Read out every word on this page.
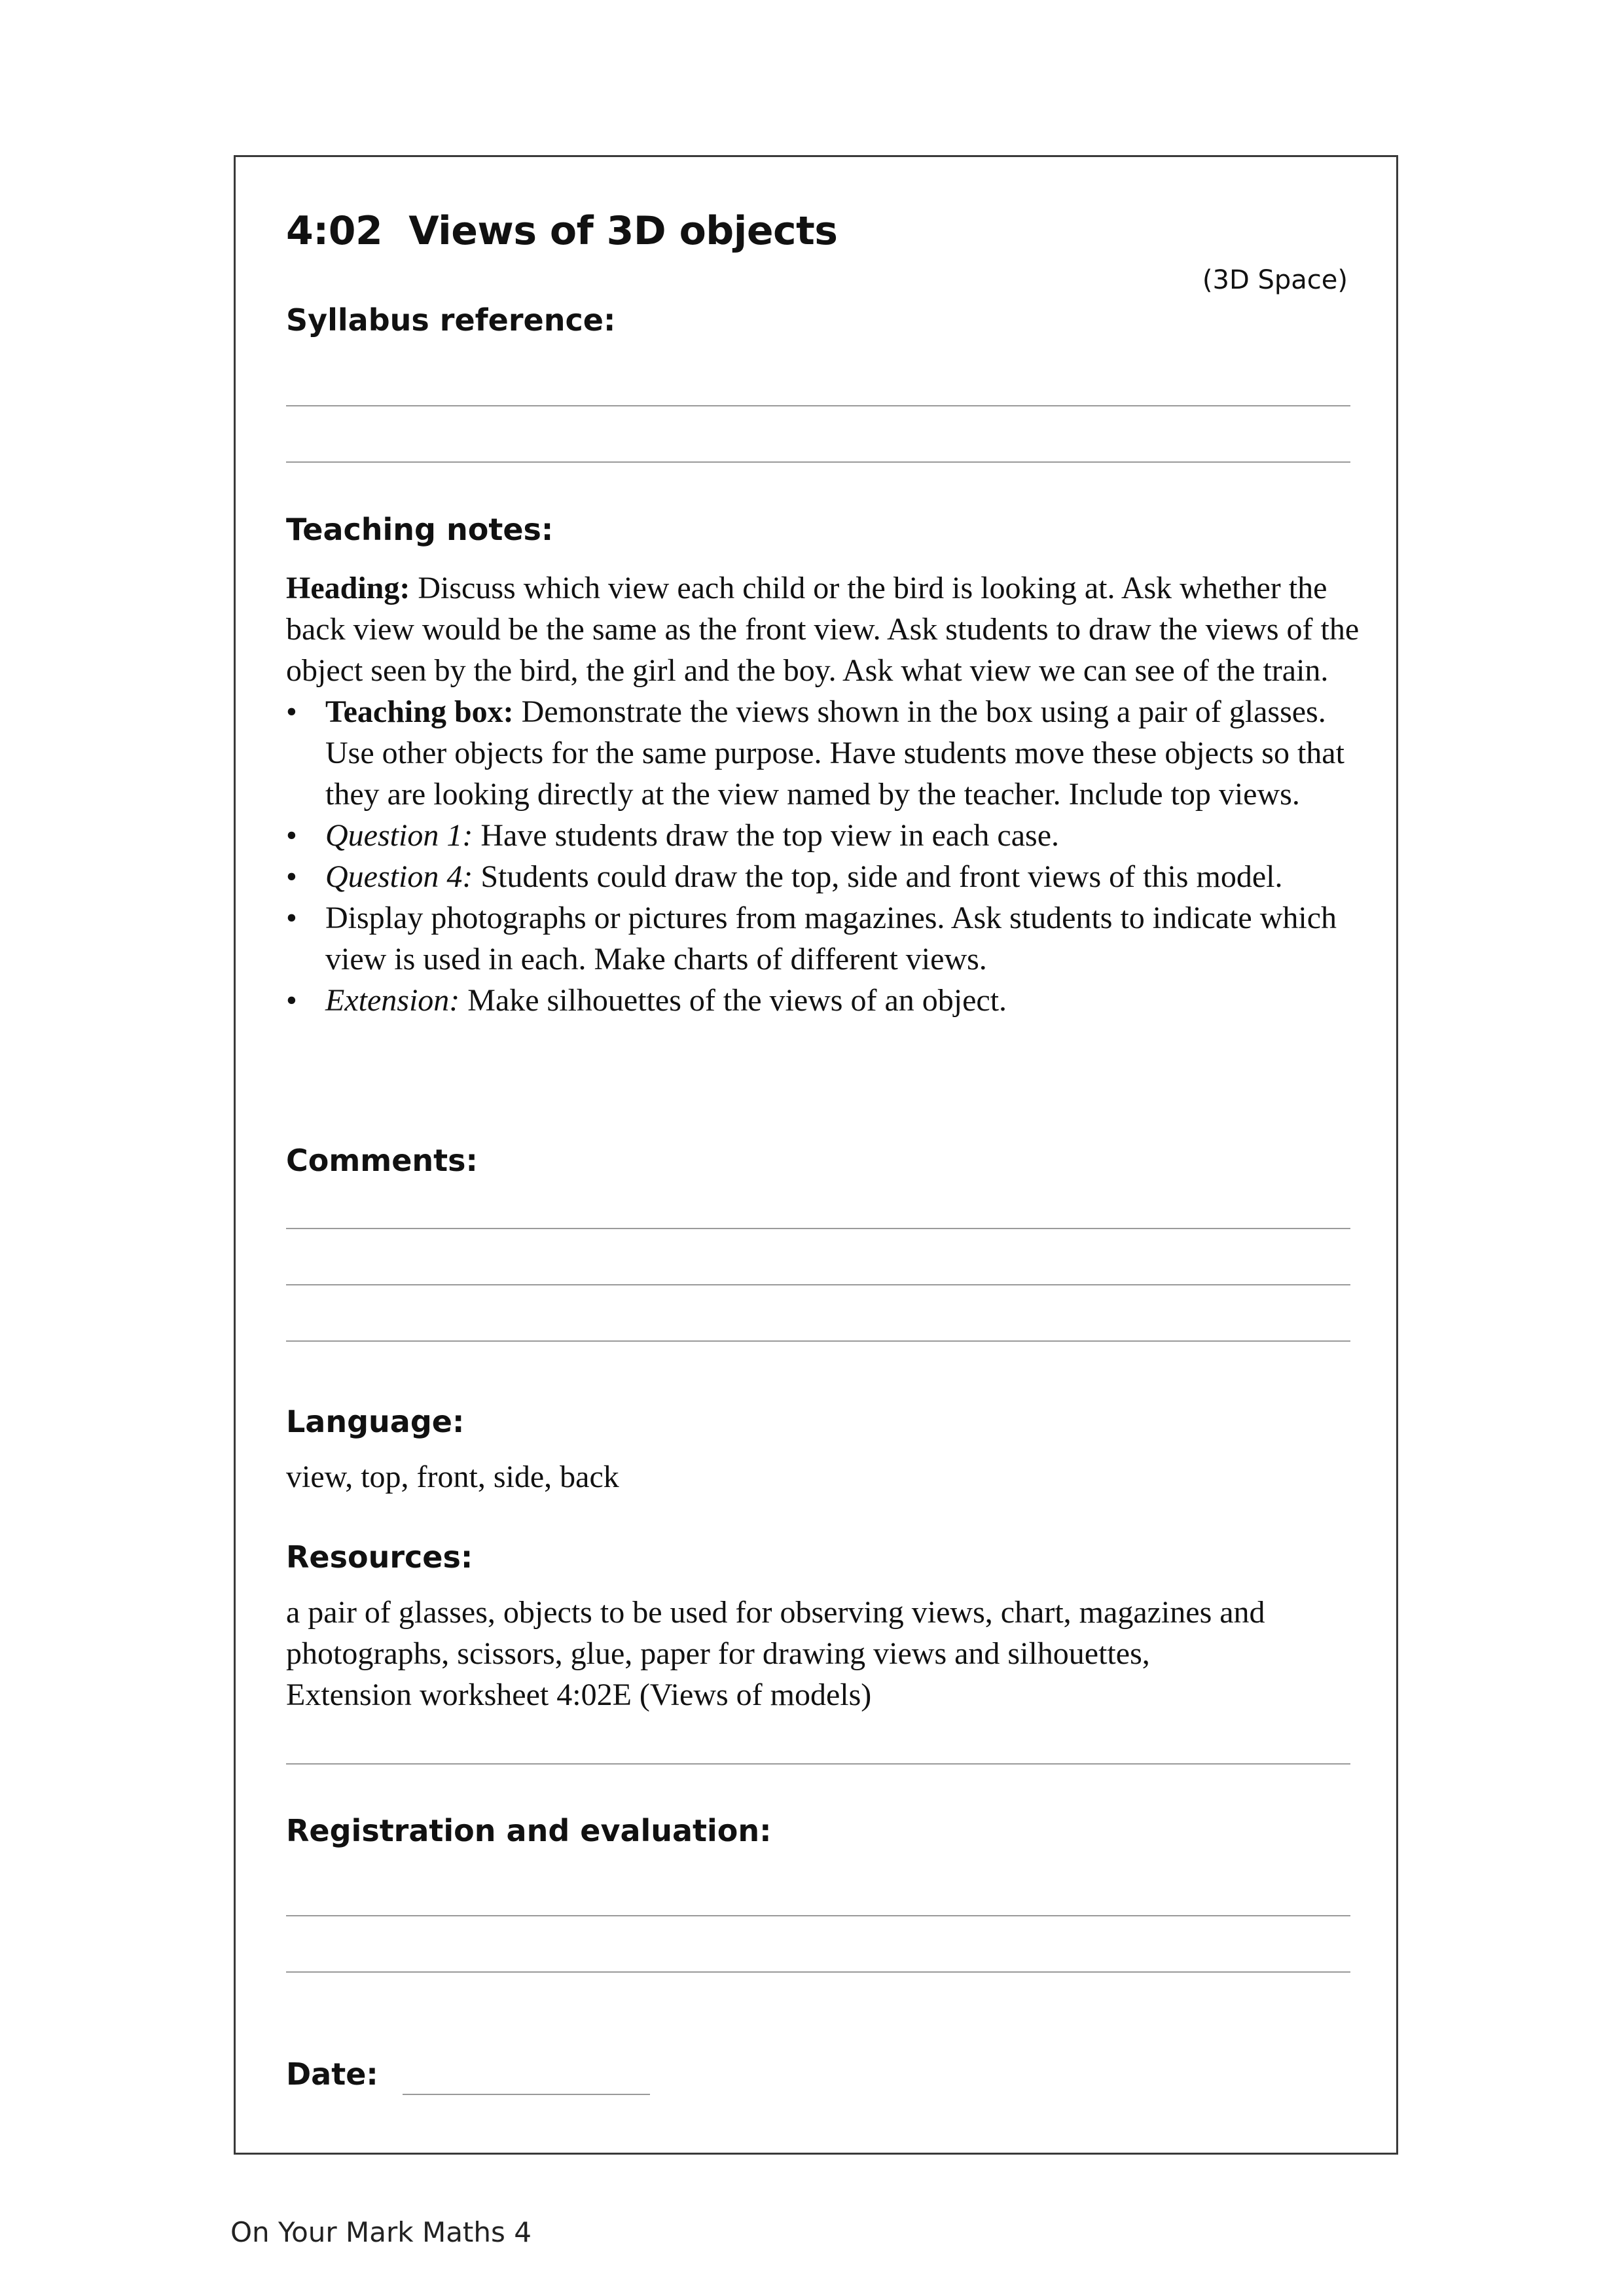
4:02 Views of 3D objects
(3D Space)
Syllabus reference:
Teaching notes:

Heading: Discuss which view each child or the bird is looking at. Ask whether the back view would be the same as the front view. Ask students to draw the views of the object seen by the bird, the girl and the boy. Ask what view we can see of the train.

• Teaching box: Demonstrate the views shown in the box using a pair of glasses. Use other objects for the same purpose. Have students move these objects so that they are looking directly at the view named by the teacher. Include top views.
• Question 1: Have students draw the top view in each case.
• Question 4: Students could draw the top, side and front views of this model.
• Display photographs or pictures from magazines. Ask students to indicate which view is used in each. Make charts of different views.
• Extension: Make silhouettes of the views of an object.
Comments:
Language:
view, top, front, side, back
Resources:

a pair of glasses, objects to be used for observing views, chart, magazines and

photographs, scissors, glue, paper for drawing views and silhouettes,

Extension worksheet 4:02E (Views of models)

Registration and evaluation:
Date:
On Your Mark Maths 4
